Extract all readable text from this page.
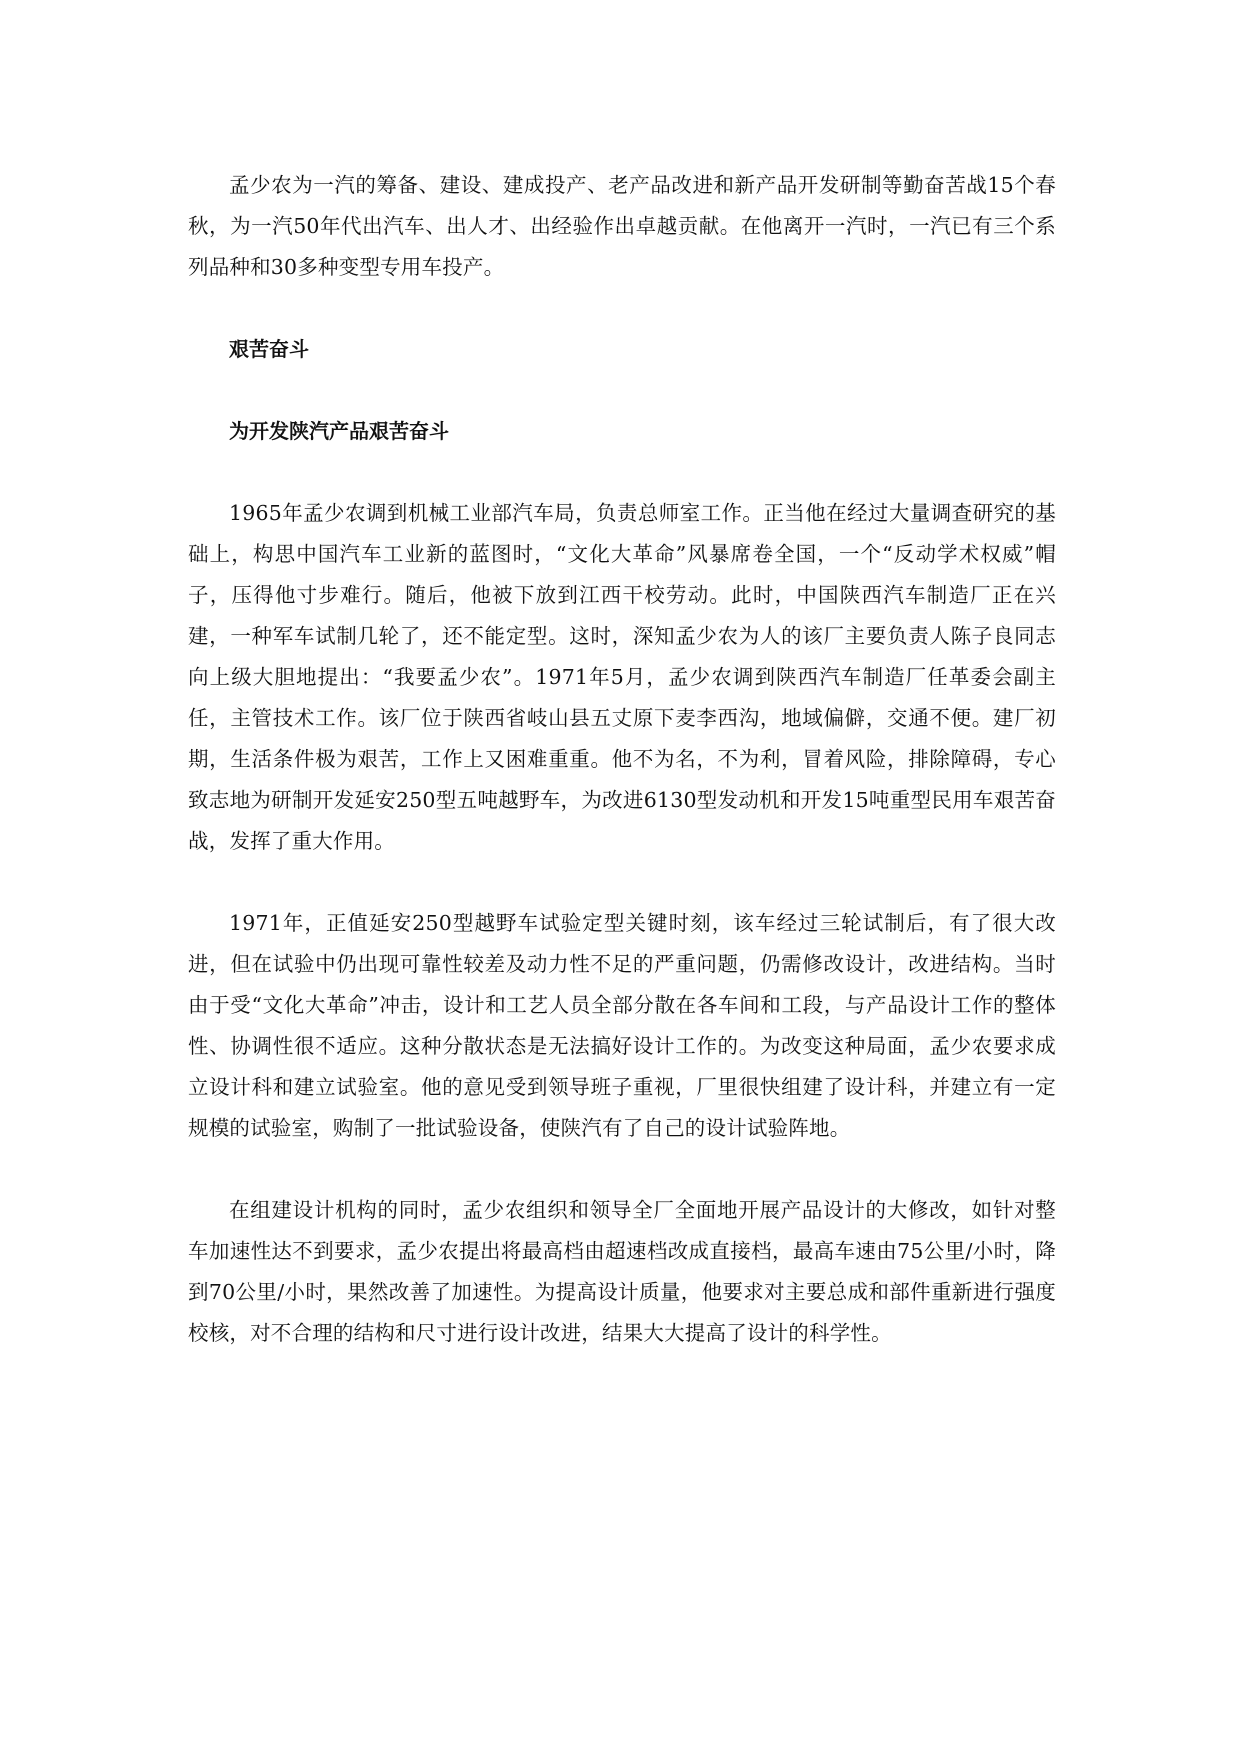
孟少农为一汽的筹备、建设、建成投产、老产品改进和新产品开发研制等勤奋苦战15个春秋，为一汽50年代出汽车、出人才、出经验作出卓越贡献。在他离开一汽时，一汽已有三个系列品种和30多种变型专用车投产。

艰苦奋斗

为开发陕汽产品艰苦奋斗

1965年孟少农调到机械工业部汽车局，负责总师室工作。正当他在经过大量调查研究的基础上，构思中国汽车工业新的蓝图时，“文化大革命”风暴席卷全国，一个“反动学术权威”帽子，压得他寸步难行。随后，他被下放到江西干校劳动。此时，中国陕西汽车制造厂正在兴建，一种军车试制几轮了，还不能定型。这时，深知孟少农为人的该厂主要负责人陈子良同志向上级大胆地提出：“我要孟少农”。1971年5月，孟少农调到陕西汽车制造厂任革委会副主任，主管技术工作。该厂位于陕西省岐山县五丈原下麦李西沟，地域偏僻，交通不便。建厂初期，生活条件极为艰苦，工作上又困难重重。他不为名，不为利，冒着风险，排除障碍，专心致志地为研制开发延安250型五吨越野车，为改进6130型发动机和开发15吨重型民用车艰苦奋战，发挥了重大作用。

1971年，正值延安250型越野车试验定型关键时刻，该车经过三轮试制后，有了很大改进，但在试验中仍出现可靠性较差及动力性不足的严重问题，仍需修改设计，改进结构。当时由于受“文化大革命”冲击，设计和工艺人员全部分散在各车间和工段，与产品设计工作的整体性、协调性很不适应。这种分散状态是无法搞好设计工作的。为改变这种局面，孟少农要求成立设计科和建立试验室。他的意见受到领导班子重视，厂里很快组建了设计科，并建立有一定规模的试验室，购制了一批试验设备，使陕汽有了自己的设计试验阵地。

在组建设计机构的同时，孟少农组织和领导全厂全面地开展产品设计的大修改，如针对整车加速性达不到要求，孟少农提出将最高档由超速档改成直接档，最高车速由75公里/小时，降到70公里/小时，果然改善了加速性。为提高设计质量，他要求对主要总成和部件重新进行强度校核，对不合理的结构和尺寸进行设计改进，结果大大提高了设计的科学性。
